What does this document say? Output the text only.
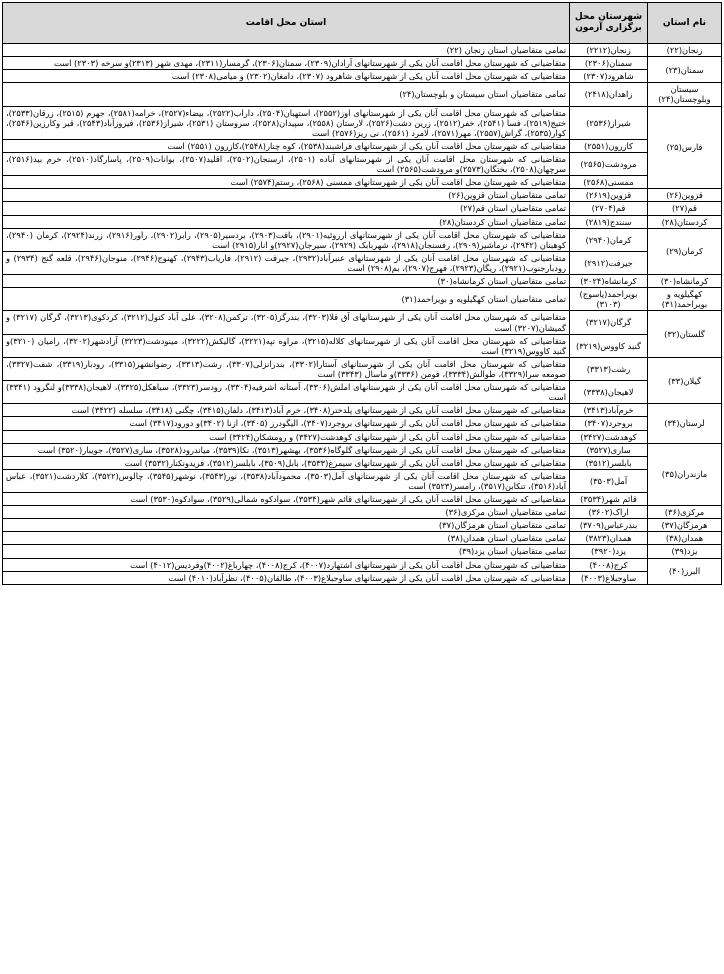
نام استان	شهرستان محل برگزاری آزمون	استان محل اقامت
زنجان(۲۲)	زنجان(۲۲۱۲)	تمامی متقاضیان استان زنجان (۲۲)
سمنان(۲۳)	سمنان(۲۳۰۶)	متقاضیانی که شهرستان محل اقامت آنان یکی از شهرستانهای آرادان(۲۳۰۹)، سمنان(۲۳۰۶)، گرمسار(۲۳۱۱)، مهدی شهر (۲۳۱۳)و سرخه (۲۳۰۳) است
	شاهرود(۲۳۰۷)	متقاضیانی که شهرستان محل اقامت آنان یکی از شهرستانهای شاهرود (۲۳۰۷)، دامغان(۲۳۰۲) و میامی(۲۳۰۸) است
سیستان وبلوچستان(۲۴)	زاهدان(۲۴۱۸)	تمامی متقاضیان استان سیستان و بلوچستان(۲۴)
فارس(۲۵)	شیراز(۲۵۳۶)	متقاضیانی که شهرستان محل اقامت آنان یکی از شهرستانهای اوز(۲۵۵۲)، استهبان(۲۵۰۴)، داراب(۲۵۲۲)، بیضاء(۲۵۲۷)، خرامه(۲۵۸۱)، جهرم (۲۵۱۵)، زرقان(۲۵۳۳)، ختیج(۲۵۱۹)، فسا (۲۵۴۱)، خفر(۲۵۱۲)، زرین دشت(۲۵۲۶)، لارستان (۲۵۵۸)، سپیدان(۲۵۲۸)، سروستان (۲۵۳۱)، شیراز(۲۵۳۶)، فیروزآباد(۲۵۴۳)، قیر وکارزین(۲۵۴۶)، کوار(۲۵۳۵)، گراش(۲۵۵۷)، مهر(۲۵۷۱)، لامرد (۲۵۶۱)، نی ریز(۲۵۷۶) است
	کازرون(۲۵۵۱)	متقاضیانی که شهرستان محل اقامت آنان یکی از شهرستانهای فراشبند(۲۵۳۸)، کوه چنار(۲۵۴۸)،کازرون (۲۵۵۱) است
	مرودشت(۲۵۶۵)	متقاضیانی که شهرستان محل اقامت آنان یکی از شهرستانهای آباده (۲۵۰۱)، ارسنجان(۲۵۰۲)، اقلید(۲۵۰۷)، بوانات(۲۵۰۹)، پاسارگاد(۲۵۱۰)، خرم بید(۲۵۱۶)، سرچهان(۲۵۰۸)، بختگان(۲۵۷۳)و مرودشت(۲۵۶۵) است
	ممسنی(۲۵۶۸)	متقاضیانی که شهرستان محل اقامت آنان یکی از شهرستانهای ممسنی (۲۵۶۸)، رستم(۲۵۷۴) است
قزوین(۲۶)	قزوین(۲۶۱۹)	تمامی متقاضیان استان قزوین(۲۶)
قم(۲۷)	قم(۲۷۰۴)	تمامی متقاضیان استان قم(۲۷)
کردستان(۲۸)	سنندج(۲۸۱۹)	تمامی متقاضیان استان کردستان(۲۸)
کرمان(۲۹)	کرمان(۲۹۴۰)	متقاضیانی که شهرستان محل اقامت آنان یکی از شهرستانهای ارزوئیه(۲۹۰۱)، بافت(۲۹۰۳)، بردسیر(۲۹۰۵)، رابر(۲۹۰۲)، راور(۲۹۱۶)، زرند(۲۹۲۴)، کرمان (۲۹۴۰)، کوهبنان (۲۹۴۲)، نرماشیر(۲۹۰۹)، رفسنجان(۲۹۱۸)، شهربابک (۲۹۲۹)، سیرجان(۲۹۲۷)و انار(۲۹۱۵) است
	جیرفت(۲۹۱۲)	متقاضیانی که شهرستان محل اقامت آنان یکی از شهرستانهای عنبرآباد(۲۹۳۲)، جیرفت (۲۹۱۲)، فاریاب(۲۹۴۳)، کهنوج(۲۹۴۶)، منوجان(۲۹۴۶)، قلعه گنج (۲۹۳۴) و رودبارجنوب(۲۹۲۱)، ریگان(۲۹۲۳)، فهرج(۲۹۰۷)، بم(۲۹۰۸) است
کرمانشاه(۳۰)	کرمانشاه(۳۰۲۴)	تمامی متقاضیان استان کرمانشاه(۳۰)
کهگیلویه و بویراحمد(۳۱)	بویراحمد(یاسوج)(۳۱۰۳)	تمامی متقاضیان استان کهگیلویه و بویراحمد(۳۱)
گلستان(۳۲)	گرگان(۳۲۱۷)	متقاضیانی که شهرستان محل اقامت آنان یکی از شهرستانهای آق قلا(۳۲۰۳)، بندرگز(۳۲۰۵)، ترکمن(۳۲۰۸)، علی آباد کتول(۳۲۱۲)، کردکوی(۳۲۱۳)، گرگان (۳۲۱۷) و گمیشان(۳۲۰۷) است
	گنبد کاووس(۳۲۱۹)	متقاضیانی که شهرستان محل اقامت آنان یکی از شهرستانهای کلاله(۳۲۱۵)، مراوه تپه(۳۲۲۱)، گالیکش(۳۲۲۲)، مینودشت(۳۲۲۳) آزادشهر(۳۲۰۲)، رامیان (۳۲۱۰)و گنبد کاووس(۳۲۱۹) است
گیلان(۳۳)	رشت(۳۳۱۳)	متقاضیانی که شهرستان محل اقامت آنان یکی از شهرستانهای آستارا(۳۳۰۲)، بندرانزلی(۳۳۰۷)، رشت(۳۳۱۳)، رضوانشهر(۳۳۱۵)، رودبار(۳۳۱۹)، شفت(۳۳۲۷)، صومعه سرا(۳۳۲۹)، طوالش(۳۳۳۴)، فومن (۳۳۳۶)و ماسال (۳۳۴۳) است
	لاهیجان(۳۳۳۸)	متقاضیانی که شهرستان محل اقامت آنان یکی از شهرستانهای املش(۳۳۰۶)، آستانه اشرفیه(۳۳۰۴)، رودسر(۳۳۲۳)، سیاهکل(۳۳۲۵)، لاهیجان(۳۳۳۸)و لنگرود (۳۳۴۱) است
لرستان(۳۴)	خرم‌آباد(۳۴۱۳)	متقاضیانی که شهرستان محل اقامت آنان یکی از شهرستانهای پلدختر(۳۴۰۸)، خرم آباد(۳۴۱۳)، دلفان(۳۴۱۵)، چگنی (۳۴۱۸)، سلسله (۳۴۲۲) است
	بروجرد(۳۴۰۷)	متقاضیانی که شهرستان محل اقامت آنان یکی از شهرستانهای بروجرد(۳۴۰۷)، الیگودرز (۳۴۰۵)، ازنا (۳۴۰۲)و دورود(۳۴۱۷) است
	کوهدشت(۳۴۲۷)	متقاضیانی که شهرستان محل اقامت آنان یکی از شهرستانهای کوهدشت(۳۴۲۷) و رومشکان(۳۴۲۴) است
مازندران(۳۵)	ساری(۳۵۲۷)	متقاضیانی که شهرستان محل اقامت آنان یکی از شهرستانهای گلوگاه(۳۵۳۶)، بهشهر(۳۵۱۳)، نکا(۳۵۳۹)، میاندرود(۳۵۲۸)، ساری(۳۵۲۷)، جویبار(۳۵۲۰) است
	بابلسر(۳۵۱۲)	متقاضیانی که شهرستان محل اقامت آنان یکی از شهرستانهای سیمرغ(۳۵۳۳)، بابل(۳۵۰۹)، بابلسر(۳۵۱۲)، فریدونکنار(۳۵۳۲) است
	آمل(۳۵۰۳)	متقاضیانی که شهرستان محل اقامت آنان یکی از شهرستانهای آمل(۳۵۰۳)، محمودآباد(۳۵۳۸)، نور(۳۵۴۳)، نوشهر(۳۵۴۵)، چالوس(۳۵۲۲)، کلاردشت(۳۵۲۱)، عباس آباد(۳۵۱۶)، تنکابن(۳۵۱۷)، رامسر(۳۵۲۳) است
	قائم شهر(۳۵۳۴)	متقاضیانی که شهرستان محل اقامت آنان یکی از شهرستانهای قائم شهر(۳۵۳۴)، سوادکوه شمالی(۳۵۲۹)، سوادکوه(۳۵۳۰) است
مرکزی(۳۶)	اراک(۳۶۰۲)	تمامی متقاضیان استان مرکزی(۳۶)
هرمزگان(۳۷)	بندرعباس(۳۷۰۹)	تمامی متقاضیان استان هرمزگان(۳۷)
همدان(۳۸)	همدان(۳۸۲۳)	تمامی متقاضیان استان همدان(۳۸)
یزد(۳۹)	یزد(۳۹۲۰)	تمامی متقاضیان استان یزد(۳۹)
البرز(۴۰)	کرج(۴۰۰۸)	متقاضیانی که شهرستان محل اقامت آنان یکی از شهرستانهای اشتهارد(۴۰۰۷)، کرج(۴۰۰۸)، چهارباغ(۴۰۰۲)وفردیس(۴۰۱۲) است
	ساوجبلاغ(۴۰۰۳)	متقاضیانی که شهرستان محل اقامت آنان یکی از شهرستانهای ساوجبلاغ(۴۰۰۳)، طالقان(۴۰۰۵)، نظرآباد(۴۰۱۰) است
